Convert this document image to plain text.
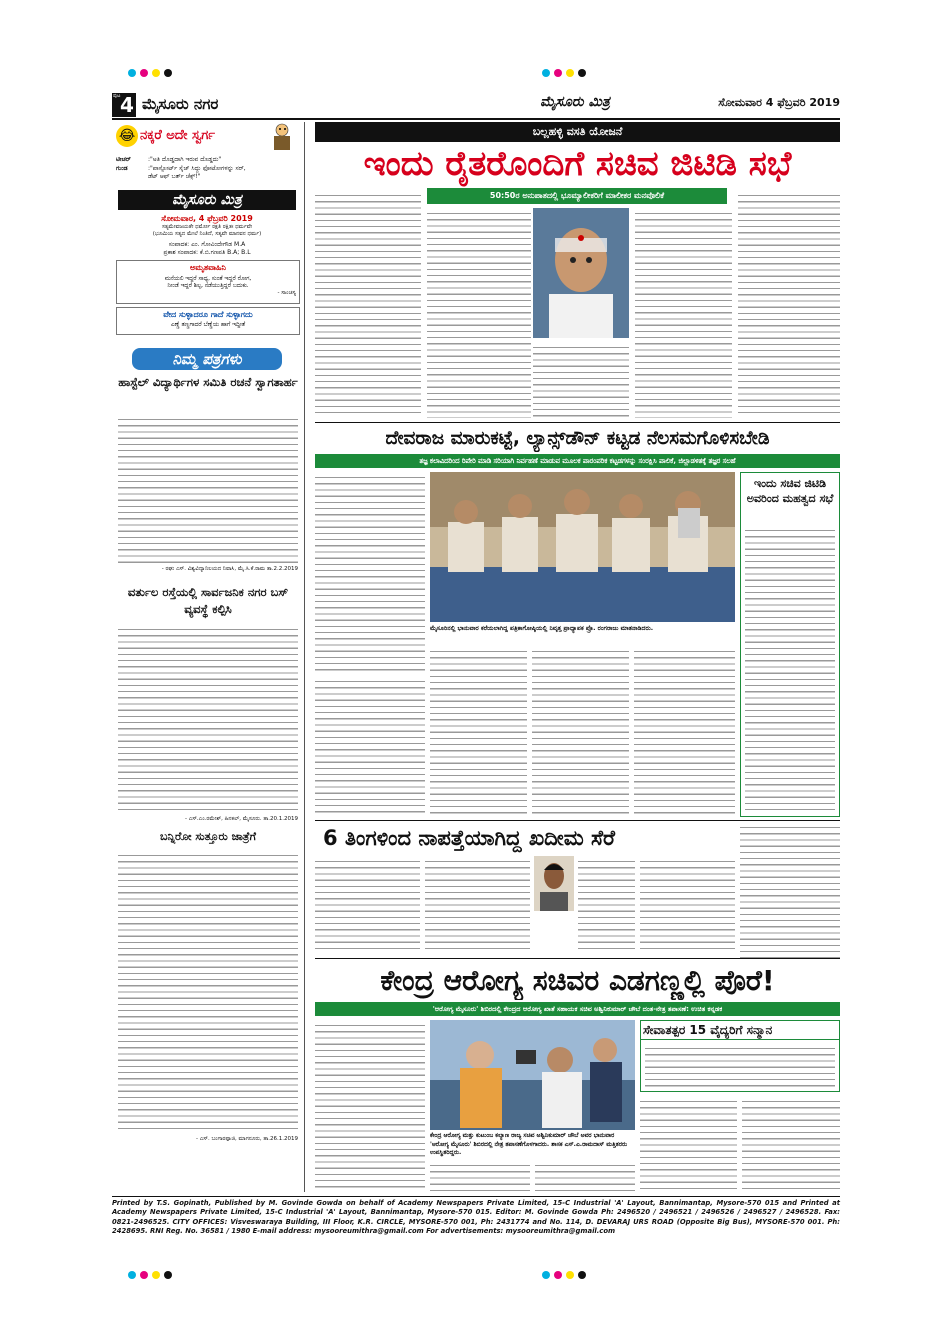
ಪುಟ 4 ಮೈಸೂರು ನಗರ	ಮೈಸೂರು ಮಿತ್ರ	ಸೋಮವಾರ 4 ಫೆಬ್ರವರಿ 2019
😂 ನಕ್ಕರೆ ಅದೇ ಸ್ವರ್ಗ
ಟೀಚರ್	:"ಅತಿ ದೊಡ್ಡದಾಗಿ ಇರುವ ದೊಡ್ಡದು"
ಗುಂಡ	:"ಪಾಸ್ಪೋರ್ಟ್ ಸೈಜ್ ಸಿದ್ದು ಫೋಟೋಗಳನ್ನು ಸರ್,
ಡೆಟ್ ಆಫ್ ಬರ್ತ್ ಚೆಕ್ಸ್!"
ಮೈಸೂರು ಮಿತ್ರ
ಸೋಮವಾರ, 4 ಫೆಬ್ರವರಿ 2019
ಸತ್ಯಮೇವಜಯತೇ ಧರ್ಮೋ ರಕ್ಷತಿ ರಕ್ಷಿತಃ ಧರ್ಮವೇ
(ಭೂಮಿಯ ಸತ್ಯದ ಮೇಲೆ ನಿಂತಿದೆ, ಸತ್ಯವೇ ಮಾನವನ ಧರ್ಮ)
ಸಂಪಾದಕ: ಎಂ. ಗೋವಿಂದೇಗೌಡ M.A
ಪ್ರಕಾಶ ಸಂಪಾದಕ: ಕೆ.ಬಿ.ಗಣಪತಿ B.A; B.L
ಅಮೃತವಾಹಿನಿ
ಮನೆಯಲಿ ಇದ್ದರೆ ಸಾಧ್ಯ, ಸುಂತೆ ಇದ್ದರೆ ರೋಗ,
ನೀಂಡೆ ಇದ್ದರೆ ಶಿಲ್ಪ, ನಡೆಯುತ್ತಿದ್ದರೆ ಬದುಕು.
- ಸಾಂಚಸ್ಯ
ವೇದ ಸುಳ್ಳಾದರೂ ಗಾದೆ ಸುಳ್ಳಾಗದು
ಎಣ್ಣೆ ತಣ್ಣಗಾದರೆ ಬೆಣ್ಣೆಯ ಹಾಗೆ ಇದ್ದೀತೆ
ನಿಮ್ಮ ಪತ್ರಗಳು
ಹಾಸ್ಟೆಲ್ ವಿದ್ಯಾರ್ಥಿಗಳ ಸಮಿತಿ ರಚನೆ ಸ್ವಾಗತಾರ್ಹ
- ರಘು ಎಸ್. ವಿಶ್ವವಿದ್ಯಾನಿಲಯದ ನಿವಾಸಿ, ಮೈ.ಸಿ.ಕೆ.ರಾಮ ತಾ.2.2.2019
ವರ್ತುಲ ರಸ್ತೆಯಲ್ಲಿ ಸಾರ್ವಜನಿಕ ನಗರ ಬಸ್ ವ್ಯವಸ್ಥೆ ಕಲ್ಪಿಸಿ
- ಎಸ್.ಎಂ.ರಮೇಶ್, ಹಿನಕಲ್, ಮೈಸೂರು. ತಾ.20.1.2019
ಬನ್ನಿರೋ ಸುತ್ತೂರು ಜಾತ್ರೆಗೆ
- ಎಸ್. ಬಂಗಾರಪ್ಪಾಜಿ, ಮಾಗನೂರು, ತಾ.26.1.2019
ಬಲ್ಲಹಳ್ಳಿ ವಸತಿ ಯೋಜನೆ
ಇಂದು ರೈತರೊಂದಿಗೆ ಸಚಿವ ಜಿಟಿಡಿ ಸಭೆ
50:50ರ ಅನುಪಾತದಲ್ಲಿ ಭೂಮ್ಯಾಲೀಕರಿಗೆ ಮಾಲೀಕರ ಮನವೊಲಿಕೆ
ದೇವರಾಜ ಮಾರುಕಟ್ಟೆ, ಲ್ಯಾನ್ಸ್‌ಡೌನ್ ಕಟ್ಟಡ ನೆಲಸಮಗೊಳಿಸಬೇಡಿ
ತಜ್ಞ ಕಲಾವಿದರಿಂದ ರಿಪೇರಿ ಮಾಡಿ ಸರಿಯಾಗಿ ನಿರ್ವಹಣೆ ಮಾಡುವ ಮೂಲಕ ಪಾರಂಪರಿಕ ಕಟ್ಟಡಗಳನ್ನು ಸಂರಕ್ಷಿಸಿ ಪಾಲಿಕೆ, ಜಿಲ್ಲಾಡಳಿತಕ್ಕೆ ತಜ್ಞರ ಸಲಹೆ
ಮೈಸೂರಿನಲ್ಲಿ ಭಾನುವಾರ ಕರೆಯಲಾಗಿದ್ದ ಪತ್ರಿಕಾಗೋಷ್ಠಿಯಲ್ಲಿ ನಿವೃತ್ತ ಪ್ರಾಧ್ಯಾಪಕ ಪ್ರೊ. ರಂಗರಾಜು ಮಾತನಾಡಿದರು.
ಇಂದು ಸಚಿವ ಜಿಟಿಡಿ ಅವರಿಂದ ಮಹತ್ವದ ಸಭೆ
6 ತಿಂಗಳಿಂದ ನಾಪತ್ತೆಯಾಗಿದ್ದ ಖದೀಮ ಸೆರೆ
ಕೇಂದ್ರ ಆರೋಗ್ಯ ಸಚಿವರ ಎಡಗಣ್ಣಲ್ಲಿ ಪೊರೆ!
'ಆರೋಗ್ಯ ಮೈಸೂರು' ಶಿಬಿರದಲ್ಲಿ ಕೇಂದ್ರದ ಆರೋಗ್ಯ ಖಾತೆ ಸಹಾಯಕ ಸಚಿವ ಅಶ್ವಿನಿಕುಮಾರ್ ಚೌಬೆ ದಂತ-ನೇತ್ರ ತಪಾಸಣೆ: ಉಚಿತ ಕನ್ನಡಕ
ಕೇಂದ್ರ ಆರೋಗ್ಯ ಮತ್ತು ಕುಟುಂಬ ಕಲ್ಯಾಣ ರಾಜ್ಯ ಸಚಿವ ಅಶ್ವಿನಿಕುಮಾರ್ ಚೌಬೆ ಅವರ ಭಾನುವಾರ 'ಆರೋಗ್ಯ ಮೈಸೂರು' ಶಿಬಿರದಲ್ಲಿ ನೇತ್ರ ತಪಾಸಣೆಗೊಳಗಾದರು. ಶಾಸಕ ಎಸ್.ಎ.ರಾಮದಾಸ್ ಮತ್ತಿತರರು ಉಪಸ್ಥಿತರಿದ್ದರು.
ಸೇವಾತತ್ಪರ 15 ವೈದ್ಯರಿಗೆ ಸನ್ಮಾನ
Printed by T.S. Gopinath, Published by M. Govinde Gowda on behalf of Academy Newspapers Private Limited, 15-C Industrial 'A' Layout, Bannimantap, Mysore-570 015 and Printed at Academy Newspapers Private Limited, 15-C Industrial 'A' Layout, Bannimantap, Mysore-570 015. Editor: M. Govinde Gowda Ph: 2496520 / 2496521 / 2496526 / 2496527 / 2496528. Fax: 0821-2496525. CITY OFFICES: Visveswaraya Building, III Floor, K.R. CIRCLE, MYSORE-570 001, Ph: 2431774 and No. 114, D. DEVARAJ URS ROAD (Opposite Big Bus), MYSORE-570 001. Ph: 2428695. RNI Reg. No. 36581 / 1980 E-mail address: mysooreumithra@gmail.com For advertisements: mysooreumithra@gmail.com
